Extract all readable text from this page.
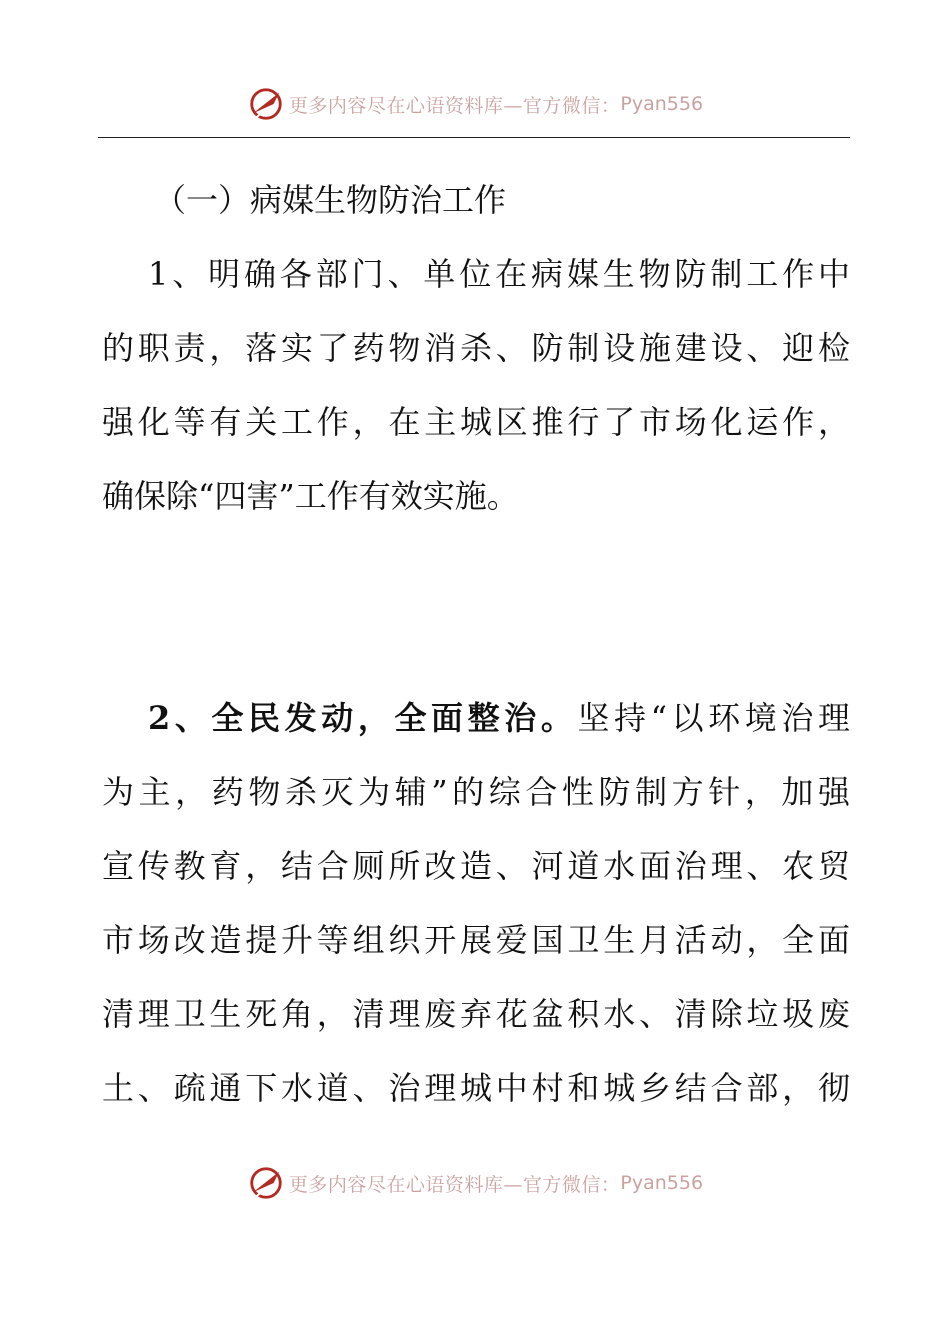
更多内容尽在心语资料库—官方微信： Pyan556
（一）病媒生物防治工作
1、明确各部门、单位在病媒生物防制工作中
的职责，落实了药物消杀、防制设施建设、迎检
强化等有关工作，在主城区推行了市场化运作，
确保除“四害”工作有效实施。
2、全民发动，全面整治。坚持“以环境治理
为主，药物杀灭为辅”的综合性防制方针，加强
宣传教育，结合厕所改造、河道水面治理、农贸
市场改造提升等组织开展爱国卫生月活动，全面
清理卫生死角，清理废弃花盆积水、清除垃圾废
土、疏通下水道、治理城中村和城乡结合部，彻
更多内容尽在心语资料库—官方微信： Pyan556
